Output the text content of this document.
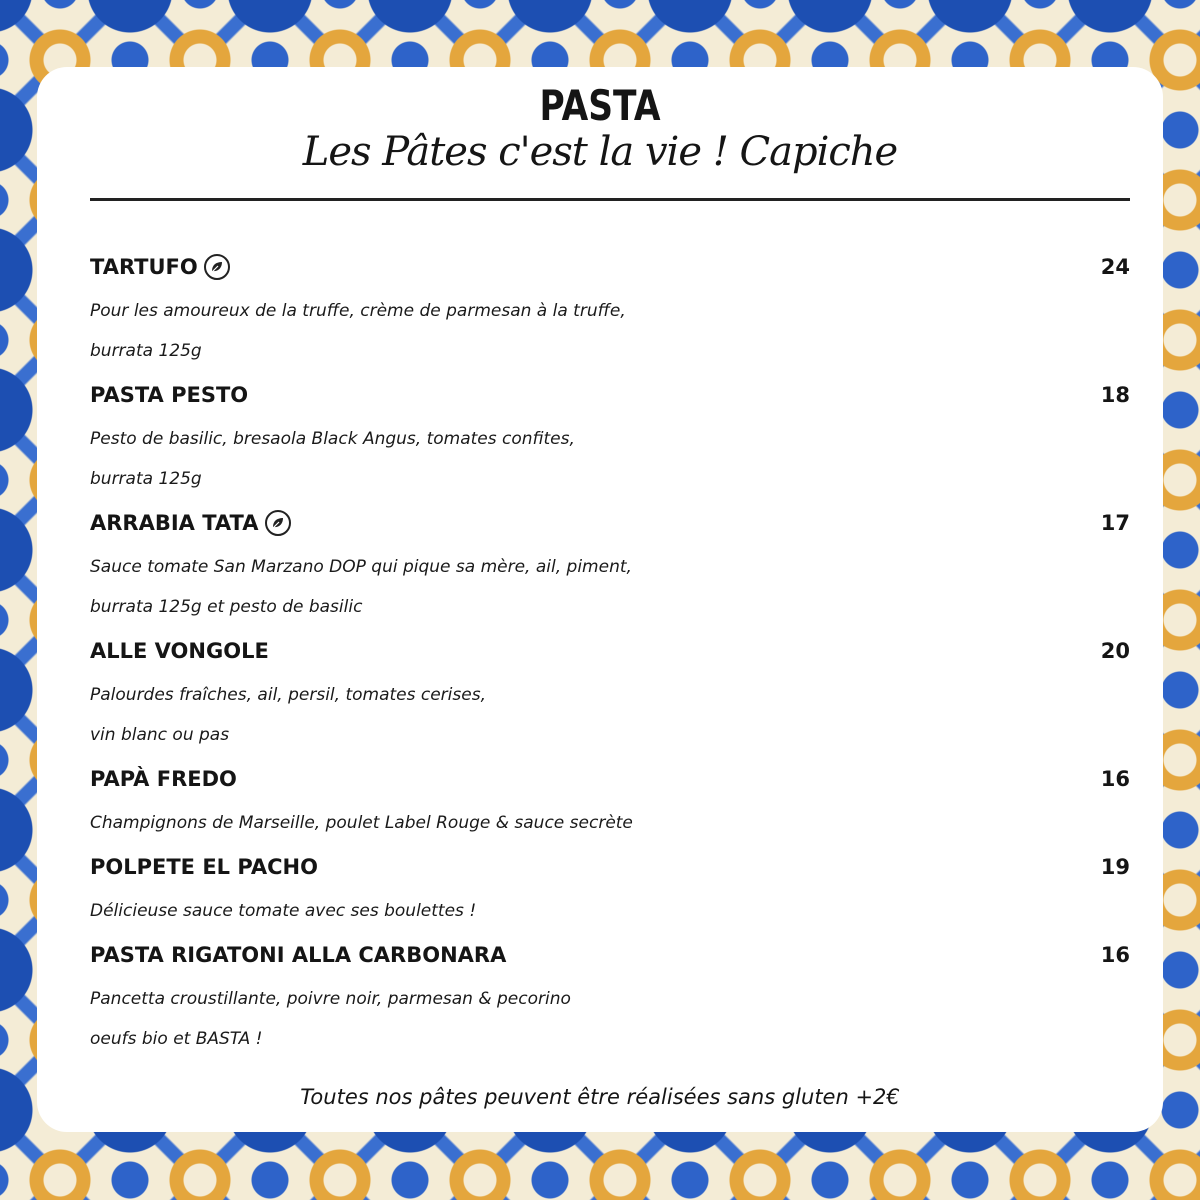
PASTA
Les Pâtes c'est la vie ! Capiche
TARTUFO	24
Pour les amoureux de la truffe, crème de parmesan à la truffe,
burrata 125g
PASTA PESTO	18
Pesto de basilic, bresaola Black Angus, tomates confites,
burrata 125g
ARRABIA TATA	17
Sauce tomate San Marzano DOP qui pique sa mère, ail, piment,
burrata 125g et pesto de basilic
ALLE VONGOLE	20
Palourdes fraîches, ail, persil, tomates cerises,
vin blanc ou pas
PAPÀ FREDO	16
Champignons de Marseille, poulet Label Rouge & sauce secrète
POLPETE EL PACHO	19
Délicieuse sauce tomate avec ses boulettes !
PASTA RIGATONI ALLA CARBONARA	16
Pancetta croustillante, poivre noir, parmesan & pecorino
oeufs bio et BASTA !
Toutes nos pâtes peuvent être réalisées sans gluten +2€
